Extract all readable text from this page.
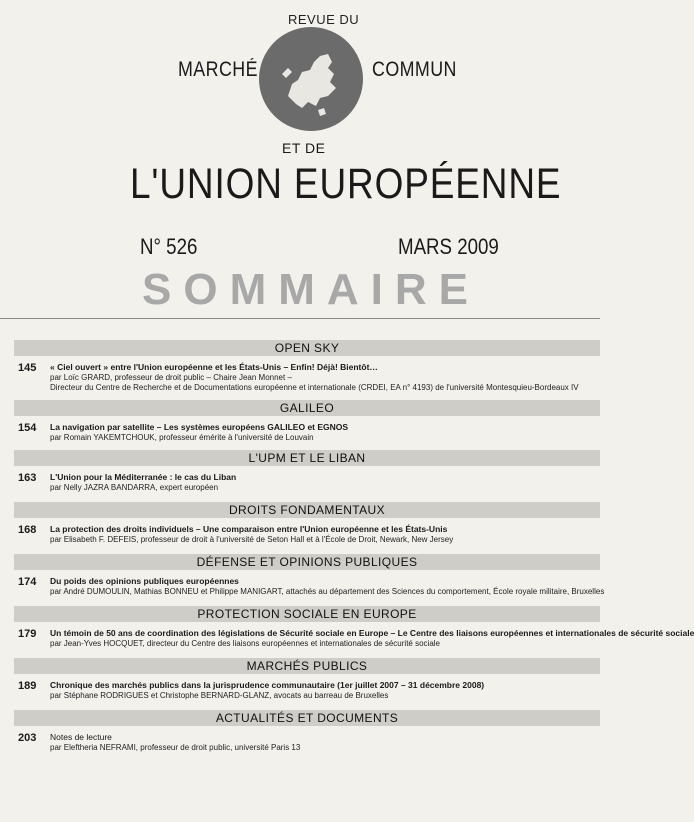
REVUE DU
MARCHÉ	COMMUN
ET DE
L'UNION EUROPÉENNE
N° 526	MARS 2009
SOMMAIRE
OPEN SKY
145 « Ciel ouvert » entre l'Union européenne et les États-Unis – Enfin! Déjà! Bientôt…
par Loïc GRARD, professeur de droit public – Chaire Jean Monnet –
Directeur du Centre de Recherche et de Documentations européenne et internationale (CRDEI, EA n° 4193) de l'université Montesquieu-Bordeaux IV
GALILEO
154 La navigation par satellite – Les systèmes européens GALILEO et EGNOS
par Romain YAKEMTCHOUK, professeur émérite à l'université de Louvain
L'UPM ET LE LIBAN
163 L'Union pour la Méditerranée : le cas du Liban
par Nelly JAZRA BANDARRA, expert européen
DROITS FONDAMENTAUX
168 La protection des droits individuels – Une comparaison entre l'Union européenne et les États-Unis
par Elisabeth F. DEFEIS, professeur de droit à l'université de Seton Hall et à l'École de Droit, Newark, New Jersey
DÉFENSE ET OPINIONS PUBLIQUES
174 Du poids des opinions publiques européennes
par André DUMOULIN, Mathias BONNEU et Philippe MANIGART, attachés au département des Sciences du comportement, École royale militaire, Bruxelles
PROTECTION SOCIALE EN EUROPE
179 Un témoin de 50 ans de coordination des législations de Sécurité sociale en Europe – Le Centre des liaisons européennes et internationales de sécurité sociale
par Jean-Yves HOCQUET, directeur du Centre des liaisons européennes et internationales de sécurité sociale
MARCHÉS PUBLICS
189 Chronique des marchés publics dans la jurisprudence communautaire (1er juillet 2007 – 31 décembre 2008)
par Stéphane RODRIGUES et Christophe BERNARD-GLANZ, avocats au barreau de Bruxelles
ACTUALITÉS ET DOCUMENTS
203 Notes de lecture
par Eleftheria NEFRAMI, professeur de droit public, université Paris 13
